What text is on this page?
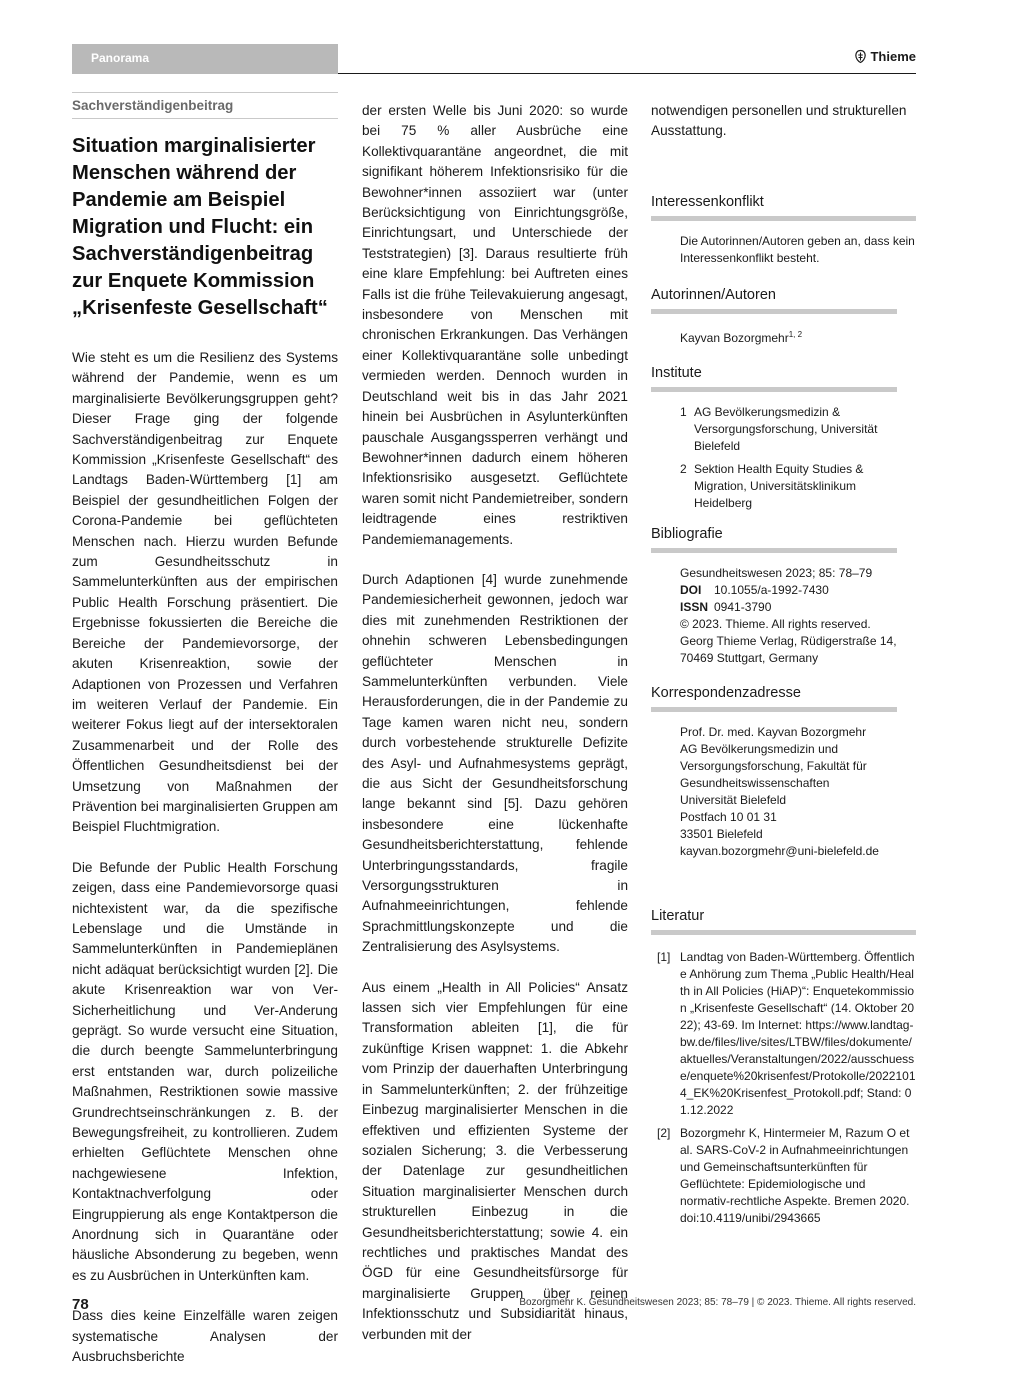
Panorama	Thieme
Sachverständigenbeitrag
Situation marginalisierter Menschen während der Pandemie am Beispiel Migration und Flucht: ein Sachverständigenbeitrag zur Enquete Kommission „Krisenfeste Gesellschaft“

Wie steht es um die Resilienz des Systems während der Pandemie, wenn es um marginalisierte Bevölkerungsgruppen geht? Dieser Frage ging der folgende Sachverständigenbeitrag zur Enquete Kommission „Krisenfeste Gesellschaft“ des Landtags Baden-Württemberg [1] am Beispiel der gesundheitlichen Folgen der Corona-Pandemie bei geflüchteten Menschen nach. Hierzu wurden Befunde zum Gesundheitsschutz in Sammelunterkünften aus der empirischen Public Health Forschung präsentiert. Die Ergebnisse fokussierten die Bereiche die Bereiche der Pandemievorsorge, der akuten Krisenreaktion, sowie der Adaptionen von Prozessen und Verfahren im weiteren Verlauf der Pandemie. Ein weiterer Fokus liegt auf der intersektoralen Zusammenarbeit und der Rolle des Öffentlichen Gesundheitsdienst bei der Umsetzung von Maßnahmen der Prävention bei marginalisierten Gruppen am Beispiel Fluchtmigration.

Die Befunde der Public Health Forschung zeigen, dass eine Pandemievorsorge quasi nichtexistent war, da die spezifische Lebenslage und die Umstände in Sammelunterkünften in Pandemieplänen nicht adäquat berücksichtigt wurden [2]. Die akute Krisenreaktion war von Ver-Sicherheitlichung und Ver-Anderung geprägt. So wurde versucht eine Situation, die durch beengte Sammelunterbringung erst entstanden war, durch polizeiliche Maßnahmen, Restriktionen sowie massive Grundrechtseinschränkungen z. B. der Bewegungsfreiheit, zu kontrollieren. Zudem erhielten Geflüchtete Menschen ohne nachgewiesene Infektion, Kontaktnachverfolgung oder Eingruppierung als enge Kontaktperson die Anordnung sich in Quarantäne oder häusliche Absonderung zu begeben, wenn es zu Ausbrüchen in Unterkünften kam.

Dass dies keine Einzelfälle waren zeigen systematische Analysen der Ausbruchsberichte

der ersten Welle bis Juni 2020: so wurde bei 75 % aller Ausbrüche eine Kollektivquarantäne angeordnet, die mit signifikant höherem Infektionsrisiko für die Bewohner*innen assoziiert war (unter Berücksichtigung von Einrichtungsgröße, Einrichtungsart, und Unterschiede der Teststrategien) [3]. Daraus resultierte früh eine klare Empfehlung: bei Auftreten eines Falls ist die frühe Teilevakuierung angesagt, insbesondere von Menschen mit chronischen Erkrankungen. Das Verhängen einer Kollektivquarantäne solle unbedingt vermieden werden. Dennoch wurden in Deutschland weit bis in das Jahr 2021 hinein bei Ausbrüchen in Asylunterkünften pauschale Ausgangssperren verhängt und Bewohner*innen dadurch einem höheren Infektionsrisiko ausgesetzt. Geflüchtete waren somit nicht Pandemietreiber, sondern leidtragende eines restriktiven Pandemiemanagements.

Durch Adaptionen [4] wurde zunehmende Pandemiesicherheit gewonnen, jedoch war dies mit zunehmenden Restriktionen der ohnehin schweren Lebensbedingungen geflüchteter Menschen in Sammelunterkünften verbunden. Viele Herausforderungen, die in der Pandemie zu Tage kamen waren nicht neu, sondern durch vorbestehende strukturelle Defizite des Asyl- und Aufnahmesystems geprägt, die aus Sicht der Gesundheitsforschung lange bekannt sind [5]. Dazu gehören insbesondere eine lückenhafte Gesundheitsberichterstattung, fehlende Unterbringungsstandards, fragile Versorgungsstrukturen in Aufnahmeeinrichtungen, fehlende Sprachmittlungskonzepte und die Zentralisierung des Asylsystems.

Aus einem „Health in All Policies“ Ansatz lassen sich vier Empfehlungen für eine Transformation ableiten [1], die für zukünftige Krisen wappnet: 1. die Abkehr vom Prinzip der dauerhaften Unterbringung in Sammelunterkünften; 2. der frühzeitige Einbezug marginalisierter Menschen in die effektiven und effizienten Systeme der sozialen Sicherung; 3. die Verbesserung der Datenlage zur gesundheitlichen Situation marginalisierter Menschen durch strukturellen Einbezug in die Gesundheitsberichterstattung; sowie 4. ein rechtliches und praktisches Mandat des ÖGD für eine Gesundheitsfürsorge für marginalisierte Gruppen über reinen Infektionsschutz und Subsidiarität hinaus, verbunden mit der

notwendigen personellen und strukturellen Ausstattung.

Interessenkonflikt
Die Autorinnen/Autoren geben an, dass kein Interessenkonflikt besteht.
Autorinnen/Autoren
Kayvan Bozorgmehr$^{1, 2}$
Institute
1 AG Bevölkerungsmedizin & Versorgungsforschung, Universität Bielefeld
2 Sektion Health Equity Studies & Migration, Universitätsklinikum Heidelberg
Bibliografie
Gesundheitswesen 2023; 85: 78–79
DOI 10.1055/a-1992-7430
ISSN 0941-3790
© 2023. Thieme. All rights reserved.
Georg Thieme Verlag, Rüdigerstraße 14,
70469 Stuttgart, Germany
Korrespondenzadresse
Prof. Dr. med. Kayvan Bozorgmehr
AG Bevölkerungsmedizin und Versorgungsforschung, Fakultät für Gesundheitswissenschaften
Universität Bielefeld
Postfach 10 01 31
33501 Bielefeld
kayvan.bozorgmehr@uni-bielefeld.de
Literatur
[1] Landtag von Baden-Württemberg. Öffentliche Anhörung zum Thema „Public Health/Health in All Policies (HiAP)“: Enquetekommission „Krisenfeste Gesellschaft“ (14. Oktober 2022); 43-69. Im Internet: https://www.landtag-bw.de/files/live/sites/LTBW/files/dokumente/aktuelles/Veranstaltungen/2022/ausschuesse/enquete%20krisenfest/Protokolle/20221014_EK%20Krisenfest_Protokoll.pdf; Stand: 01.12.2022
[2] Bozorgmehr K, Hintermeier M, Razum O et al. SARS-CoV-2 in Aufnahmeeinrichtungen und Gemeinschaftsunterkünften für Geflüchtete: Epidemiologische und normativ-rechtliche Aspekte. Bremen 2020. doi:10.4119/unibi/2943665
78	Bozorgmehr K. Gesundheitswesen 2023; 85: 78–79 | © 2023. Thieme. All rights reserved.
